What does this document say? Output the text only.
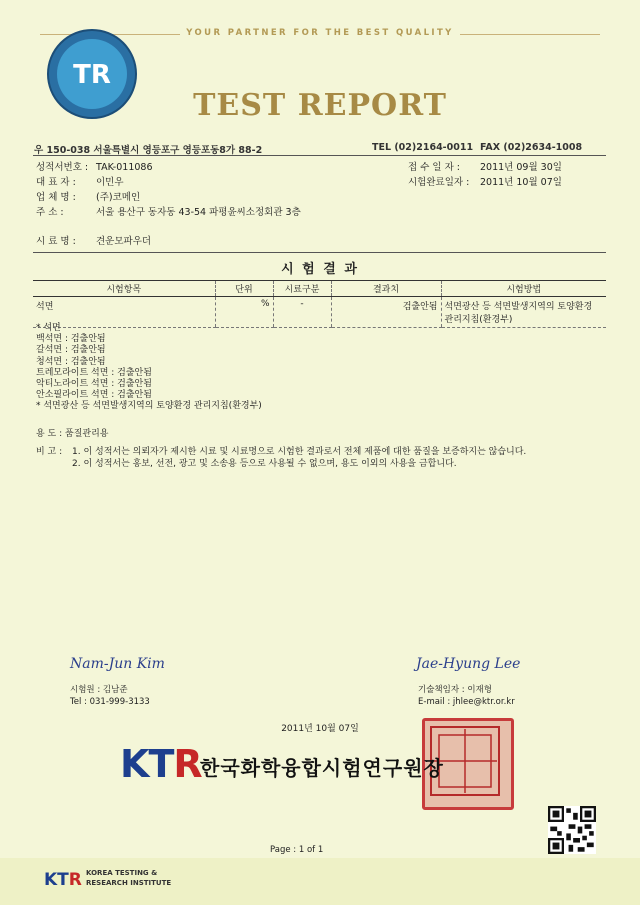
YOUR PARTNER FOR THE BEST QUALITY
TR
TEST REPORT
우 150-038 서울특별시 영등포구 영등포동8가 88-2	TEL (02)2164-0011 FAX (02)2634-1008
성적서번호 : TAK-011086
대 표 자 : 이민우
업 체 명 : (주)코메인
주 소 :	서울 용산구 동자동 43-54 파평윤씨소정회관 3층
접 수 일 자 : 2011년 09월 30일
시험완료일자 : 2011년 10월 07일
시 료 명 : 견운모파우더
시 험 결 과
시험항목	단위	시료구분	결과치	시험방법
석면	%	-	검출안됨	석면광산 등 석면발생지역의 토양환경 관리지침(환경부)
* 석면
백석면 : 검출안됨
갈석면 : 검출안됨
청석면 : 검출안됨
트레모라이트 석면 : 검출안됨
악티노라이트 석면 : 검출안됨
안소필라이트 석면 : 검출안됨
* 석면광산 등 석면발생지역의 토양환경 관리지침(환경부)
용 도 : 품질관리용
비 고 :	1. 이 성적서는 의뢰자가 제시한 시료 및 시료명으로 시험한 결과로서 전체 제품에 대한 품질을 보증하지는 않습니다.
2. 이 성적서는 홍보, 선전, 광고 및 소송용 등으로 사용될 수 없으며, 용도 이외의 사용을 금합니다.
Nam-Jun Kim
시험원 : 김남준
Tel : 031-999-3133
Jae-Hyung Lee
기술책임자 : 이재형
E-mail : jhlee@ktr.or.kr
2011년 10월 07일
KTR
한국화학융합시험연구원장
Page : 1 of 1
KTR KOREA TESTING &
RESEARCH INSTITUTE
